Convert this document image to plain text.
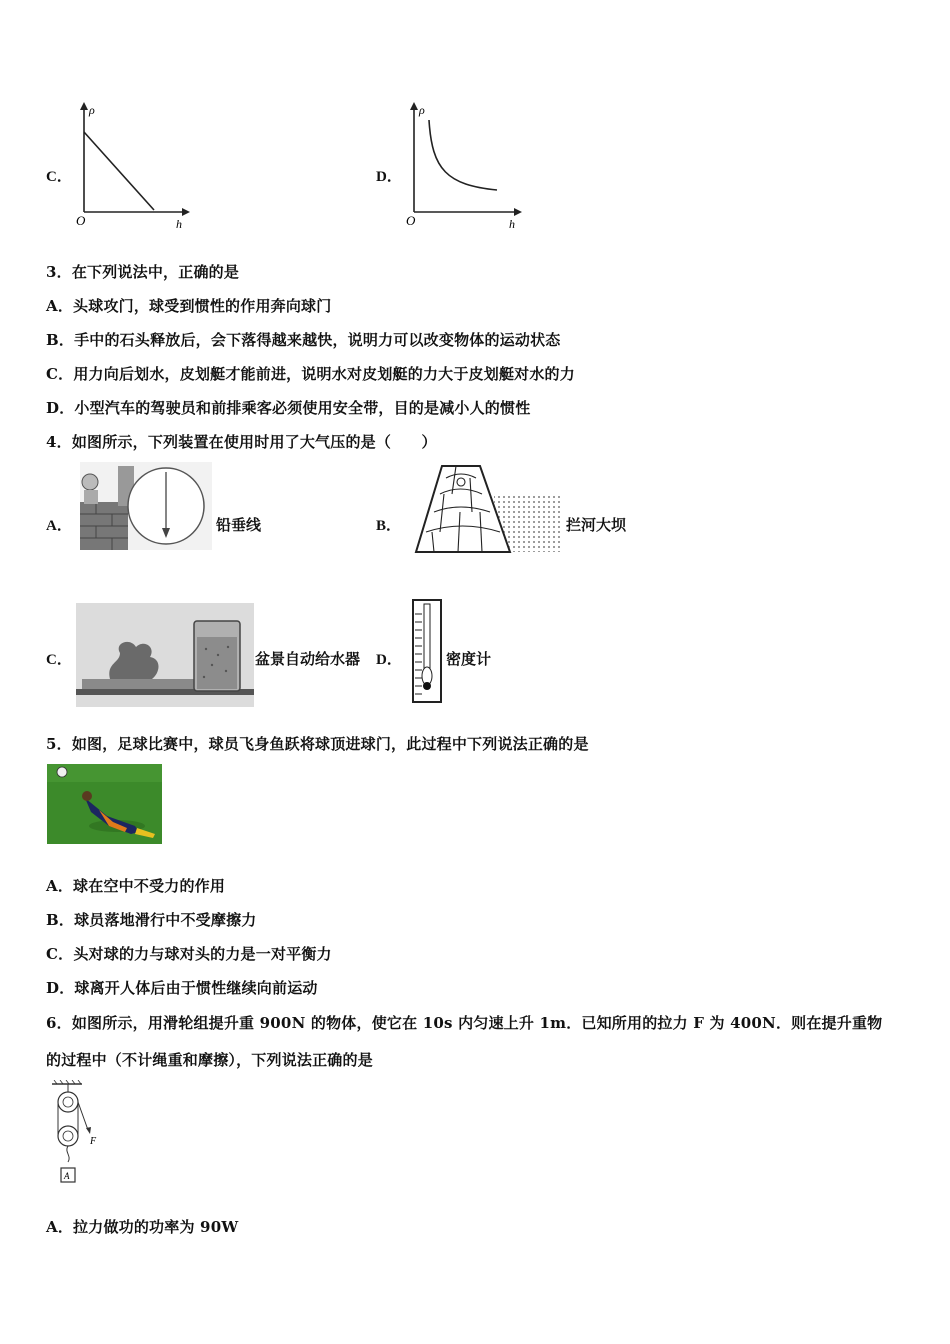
C．
ρ
h
O
D．
ρ
h
O
3．在下列说法中，正确的是
A．头球攻门，球受到惯性的作用奔向球门
B．手中的石头释放后，会下落得越来越快，说明力可以改变物体的运动状态
C．用力向后划水，皮划艇才能前进，说明水对皮划艇的力大于皮划艇对水的力
D．小型汽车的驾驶员和前排乘客必须使用安全带，目的是减小人的惯性
4．如图所示，下列装置在使用时用了大气压的是（　　）
A．	铅垂线	B．	拦河大坝
C．	盆景自动给水器 D．	密度计
5．如图，足球比赛中，球员飞身鱼跃将球顶进球门，此过程中下列说法正确的是
A．球在空中不受力的作用
B．球员落地滑行中不受摩擦力
C．头对球的力与球对头的力是一对平衡力
D．球离开人体后由于惯性继续向前运动
6．如图所示，用滑轮组提升重 900N 的物体，使它在 10s 内匀速上升 1m．已知所用的拉力 F 为 400N．则在提升重物
的过程中（不计绳重和摩擦），下列说法正确的是
F
A
A．拉力做功的功率为 90W
